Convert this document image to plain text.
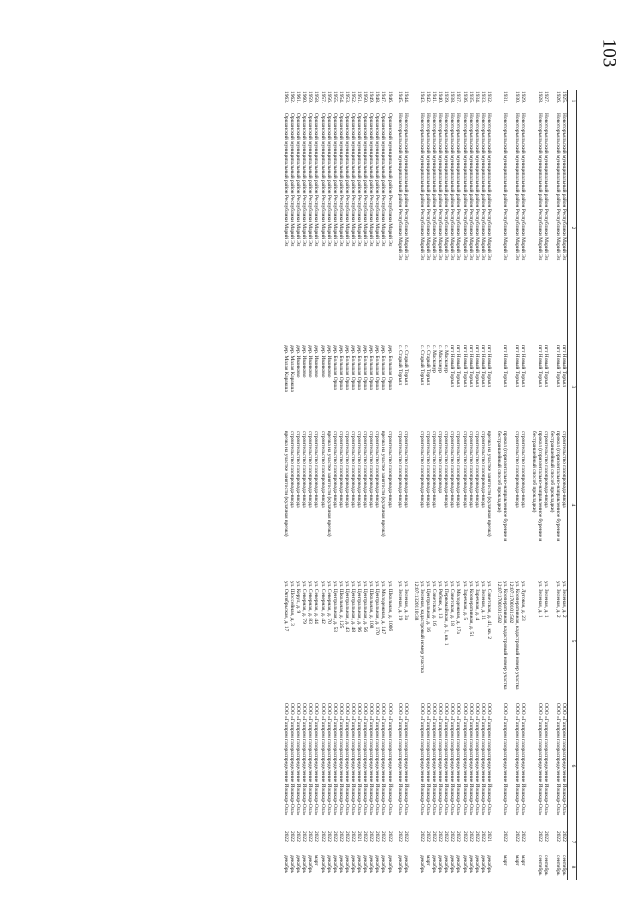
103
1	2	3	4	5	6	7	8
1925.	Новоторъяльский муниципальный район Республики Марий Эл	пгт Новый Торъял	строительство газопровода-ввода	ул. Зеленая, д. 2	ООО «Газпром газораспределение Йошкар-Ола»	2022	сентябрь
1926.	Новоторъяльский муниципальный район Республики Марий Эл	пгт Новый Торъял	прокол (горизонтально-направленное бурение и бестраншейный способ прокладки)	ул. Зеленая, д. 2	ООО «Газпром газораспределение Йошкар-Ола»	2022	сентябрь
1927.	Новоторъяльский муниципальный район Республики Марий Эл	пгт Новый Торъял	строительство газопровода-ввода	ул. Зеленая, д. 1	ООО «Газпром газораспределение Йошкар-Ола»	2022	сентябрь
1928.	Новоторъяльский муниципальный район Республики Марий Эл	пгт Новый Торъял	прокол (горизонтально-направленное бурение и бестраншейный способ прокладки)	ул. Зеленая, д. 1	ООО «Газпром газораспределение Йошкар-Ола»	2022	сентябрь
1929.	Новоторъяльский муниципальный район Республики Марий Эл	пгт Новый Торъял	строительство газопровода-ввода	ул. Луговая, д. 23	ООО «Газпром газораспределение Йошкар-Ола»	2022	март
1930.	Новоторъяльский муниципальный район Республики Марий Эл	пгт Новый Торъял	строительство газопровода-ввода	ул. Кооперативная, кадастровый номер участка 12:07:1700101:502	ООО «Газпром газораспределение Йошкар-Ола»	2022	март
1931.	Новоторъяльский муниципальный район Республики Марий Эл	пгт Новый Торъял	прокол (горизонтально-направленное бурение и бестраншейный способ прокладки)	ул. Кооперативная, кадастровый номер участка 12:07:1700101:502	ООО «Газпром газораспределение Йошкар-Ола»	2022	март
1932.	Новоторъяльский муниципальный район Республики Марий Эл	пгт Новый Торъял	врезка на участке занятости (кулачная врезка)	ул. Советская, д. 41, кв. 2	ООО «Газпром газораспределение Йошкар-Ола»	2021	декабрь
1933.	Новоторъяльский муниципальный район Республики Марий Эл	пгт Новый Торъял	строительство газопровода-ввода	ул. Зеленая, д. 11	ООО «Газпром газораспределение Йошкар-Ола»	2022	декабрь
1934.	Новоторъяльский муниципальный район Республики Марий Эл	пгт Новый Торъял	строительство газопровода-ввода	ул. Заречная, д. 4	ООО «Газпром газораспределение Йошкар-Ола»	2022	декабрь
1935.	Новоторъяльский муниципальный район Республики Марий Эл	пгт Новый Торъял	строительство газопровода-ввода	ул. Кооперативная, д. 51	ООО «Газпром газораспределение Йошкар-Ола»	2022	декабрь
1936.	Новоторъяльский муниципальный район Республики Марий Эл	пгт Новый Торъял	строительство газопровода-ввода	ул. Заречная, д. 5	ООО «Газпром газораспределение Йошкар-Ола»	2022	декабрь
1937.	Новоторъяльский муниципальный район Республики Марий Эл	пгт Новый Торъял	строительство газопровода-ввода	ул. Молодежная, д. 17а	ООО «Газпром газораспределение Йошкар-Ола»	2022	декабрь
1938.	Новоторъяльский муниципальный район Республики Марий Эл	пгт Новый Торъял	строительство газопровода-ввода	ул. Советская, д. 18	ООО «Газпром газораспределение Йошкар-Ола»	2022	декабрь
1939.	Новоторъяльский муниципальный район Республики Марий Эл	с. Масканур	строительство газопровода-ввода	ул. Первомайская, д. 1, кв. 1	ООО «Газпром газораспределение Йошкар-Ола»	2022	декабрь
1940.	Новоторъяльский муниципальный район Республики Марий Эл	с. Масканур	строительство газопровода	ул. Рябчик, д. 13	ООО «Газпром газораспределение Йошкар-Ола»	2022	декабрь
1941.	Новоторъяльский муниципальный район Республики Марий Эл	с. Масканур	строительство газопровода-ввода	ул. Советская, д. 16	ООО «Газпром газораспределение Йошкар-Ола»	2022	декабрь
1942.	Новоторъяльский муниципальный район Республики Марий Эл	с. Старый Торъял	строительство газопровода-ввода	ул. Центральная, д. 16	ООО «Газпром газораспределение Йошкар-Ола»	2022	март
1943.	Новоторъяльский муниципальный район Республики Марий Эл	с. Старый Торъял	строительство газопровода-ввода	ул. Зеленая, кадастровый номер участка 12:07:1320110:38	ООО «Газпром газораспределение Йошкар-Ола»	2022	декабрь
1944.	Новоторъяльский муниципальный район Республики Марий Эл	с. Старый Торъял	строительство газопровода-ввода	ул. Зеленая, д. 3а	ООО «Газпром газораспределение Йошкар-Ола»	2022	декабрь
1945.	Новоторъяльский муниципальный район Республики Марий Эл	с. Старый Торъял	строительство газопровода-ввода	ул. Зеленая, д. 19	ООО «Газпром газораспределение Йошкар-Ола»	2022	декабрь
1946.	Оршанский муниципальный район Республики Марий Эл	дер. Большая Орша	строительство газопровода-ввода	ул. Школьная, д. 100б	ООО «Газпром газораспределение Йошкар-Ола»	2022	декабрь
1947.	Оршанский муниципальный район Республики Марий Эл	дер. Большая Орша	врезка на участке занятости (кулачная врезка)	ул. Молодежная, д. 147	ООО «Газпром газораспределение Йошкар-Ола»	2022	декабрь
1948.	Оршанский муниципальный район Республики Марий Эл	дер. Большая Орша	строительство газопровода-ввода	ул. Центральная, д. 170	ООО «Газпром газораспределение Йошкар-Ола»	2022	декабрь
1949.	Оршанский муниципальный район Республики Марий Эл	дер. Большая Орша	строительство газопровода-ввода	ул. Школьная, д. 108	ООО «Газпром газораспределение Йошкар-Ола»	2022	декабрь
1950.	Оршанский муниципальный район Республики Марий Эл	дер. Большая Орша	строительство газопровода-ввода	ул. Центральная, д. 56	ООО «Газпром газораспределение Йошкар-Ола»	2022	декабрь
1951.	Оршанский муниципальный район Республики Марий Эл	дер. Большая Орша	строительство газопровода-ввода	ул. Центральная, д. 96	ООО «Газпром газораспределение Йошкар-Ола»	2021	декабрь
1952.	Оршанский муниципальный район Республики Марий Эл	дер. Большая Орша	строительство газопровода-ввода	ул. Центральная, д. 48	ООО «Газпром газораспределение Йошкар-Ола»	2022	декабрь
1953.	Оршанский муниципальный район Республики Марий Эл	дер. Большая Орша	строительство газопровода-ввода	ул. Центральная, д. 43	ООО «Газпром газораспределение Йошкар-Ола»	2022	декабрь
1954.	Оршанский муниципальный район Республики Марий Эл	дер. Большая Орша	строительство газопровода-ввода	ул. Школьная, д. 125	ООО «Газпром газораспределение Йошкар-Ола»	2022	декабрь
1955.	Оршанский муниципальный район Республики Марий Эл	дер. Большая Орша	строительство газопровода-ввода	ул. Центральная, д. 53	ООО «Газпром газораспределение Йошкар-Ола»	2022	декабрь
1956.	Оршанский муниципальный район Республики Марий Эл	дер. Иванково	врезка на участке занятости (кулачная врезка)	ул. Северная, д. 70	ООО «Газпром газораспределение Йошкар-Ола»	2022	декабрь
1957.	Оршанский муниципальный район Республики Марий Эл	дер. Иванково	строительство газопровода-ввода	ул. Северная, д. 42	ООО «Газпром газораспределение Йошкар-Ола»	2022	декабрь
1958.	Оршанский муниципальный район Республики Марий Эл	дер. Иванково	строительство газопровода-ввода	ул. Северная, д. 44	ООО «Газпром газораспределение Йошкар-Ола»	2022	март
1959.	Оршанский муниципальный район Республики Марий Эл	дер. Иванково	строительство газопровода-ввода	ул. Северная, д. 83	ООО «Газпром газораспределение Йошкар-Ола»	2022	декабрь
1960.	Оршанский муниципальный район Республики Марий Эл	дер. Иванково	строительство газопровода-ввода	ул. Северная, д. 79	ООО «Газпром газораспределение Йошкар-Ола»	2022	декабрь
1961.	Оршанский муниципальный район Республики Марий Эл	дер. Иванково	строительство газопровода-ввода	ул. Керул, д. 9	ООО «Газпром газораспределение Йошкар-Ола»	2022	декабрь
1962.	Оршанский муниципальный район Республики Марий Эл	дер. Малая Каракша	строительство газопровода-ввода	ул. Шоссейная, д. 3	ООО «Газпром газораспределение Йошкар-Ола»	2022	декабрь
1963.	Оршанский муниципальный район Республики Марий Эл	дер. Малая Каракша	врезка на участке занятости (кулачная врезка)	ул. Октябрьская, д. 17	ООО «Газпром газораспределение Йошкар-Ола»	2022	декабрь
